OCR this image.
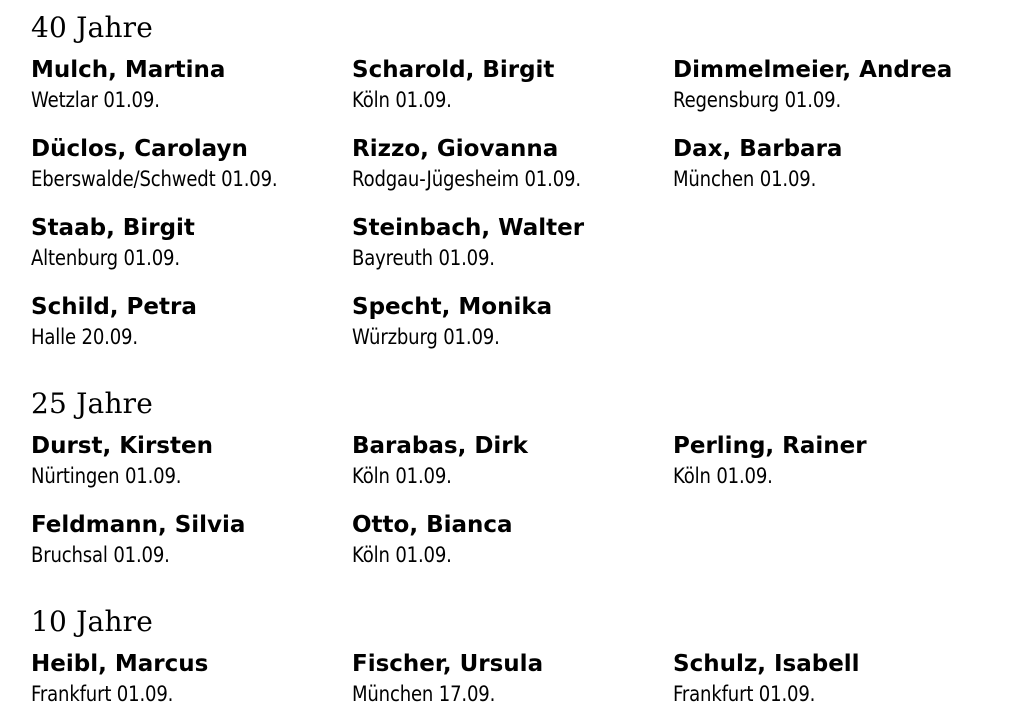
40 Jahre
Mulch, Martina
Wetzlar 01.09.
Scharold, Birgit
Köln 01.09.
Dimmelmeier, Andrea
Regensburg 01.09.
Düclos, Carolayn
Eberswalde/Schwedt 01.09.
Rizzo, Giovanna
Rodgau-Jügesheim 01.09.
Dax, Barbara
München 01.09.
Staab, Birgit
Altenburg 01.09.
Steinbach, Walter
Bayreuth 01.09.
Schild, Petra
Halle 20.09.
Specht, Monika
Würzburg 01.09.
25 Jahre
Durst, Kirsten
Nürtingen 01.09.
Barabas, Dirk
Köln 01.09.
Perling, Rainer
Köln 01.09.
Feldmann, Silvia
Bruchsal 01.09.
Otto, Bianca
Köln 01.09.
10 Jahre
Heibl, Marcus
Frankfurt 01.09.
Fischer, Ursula
München 17.09.
Schulz, Isabell
Frankfurt 01.09.
